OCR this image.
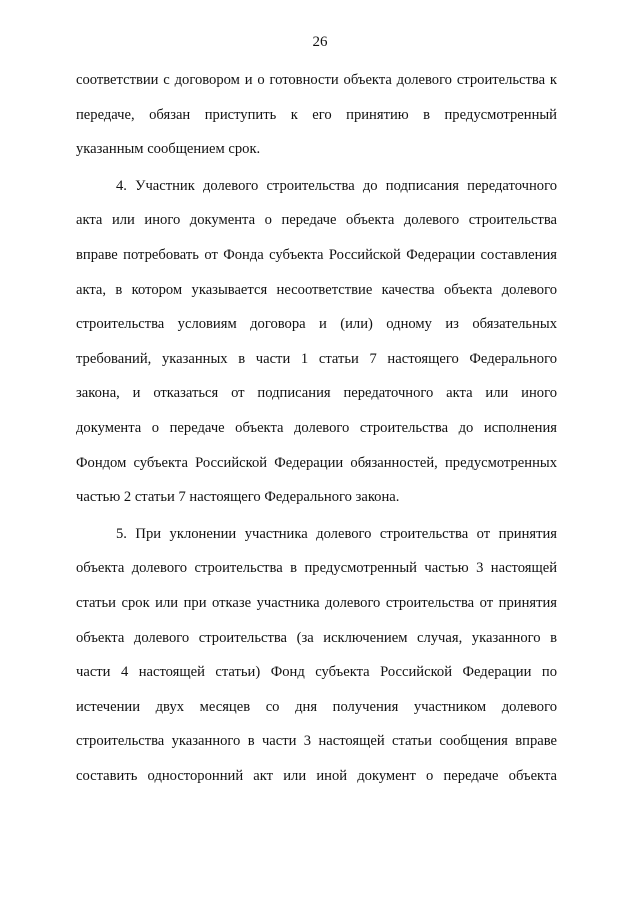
26
соответствии с договором и о готовности объекта долевого строительства к
передаче, обязан приступить к его принятию в предусмотренный
указанным сообщением срок.
4. Участник долевого строительства до подписания передаточного
акта или иного документа о передаче объекта долевого строительства
вправе потребовать от Фонда субъекта Российской Федерации составления
акта, в котором указывается несоответствие качества объекта долевого
строительства условиям договора и (или) одному из обязательных
требований, указанных в части 1 статьи 7 настоящего Федерального
закона, и отказаться от подписания передаточного акта или иного
документа о передаче объекта долевого строительства до исполнения
Фондом субъекта Российской Федерации обязанностей, предусмотренных
частью 2 статьи 7 настоящего Федерального закона.
5. При уклонении участника долевого строительства от принятия
объекта долевого строительства в предусмотренный частью 3 настоящей
статьи срок или при отказе участника долевого строительства от принятия
объекта долевого строительства (за исключением случая, указанного в
части 4 настоящей статьи) Фонд субъекта Российской Федерации по
истечении двух месяцев со дня получения участником долевого
строительства указанного в части 3 настоящей статьи сообщения вправе
составить односторонний акт или иной документ о передаче объекта
